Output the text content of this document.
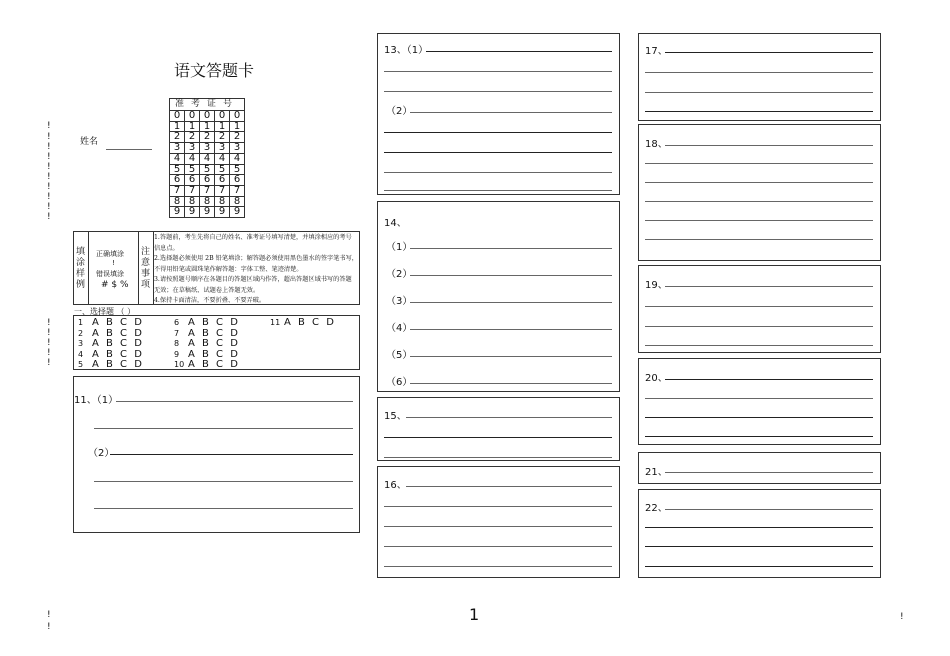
!
!
!
!
!
!
!
!
!
!
!
!
!
!
!
!
!
!
语文答题卡
姓名
准考证号				
0	0	0	0	0
1	1	1	1	1
2	2	2	2	2
3	3	3	3	3
4	4	4	4	4
5	5	5	5	5
6	6	6	6	6
7	7	7	7	7
8	8	8	8	8
9	9	9	9	9
填
涂
样
例
正确填涂
!
错误填涂
# $ %
注
意
事
项

1.答题前，考生先将自己的姓名、准考证号填写清楚，并填涂相应的考号

信息点。

2.选择题必须使用 2B 铅笔填涂；解答题必须使用黑色墨水的签字笔书写，

不得用铅笔或圆珠笔作解答题：字体工整、笔迹清楚。

3.请按照题号顺序在各题目的答题区域内作答，超出答题区域书写的答题

无效；在草稿纸、试题卷上答题无效。

4.保持卡面清洁，不要折叠、不要弄破。

一、选择题 （ ）
1 A B C D
2 A B C D
3 A B C D
4 A B C D
5 A B C D
6 A B C D
7 A B C D
8 A B C D
9 A B C D
10 A B C D
11 A B C D
11、（1）
（2）
13、（1）
（2）
14、
（1）
（2）
（3）
（4）
（5）
（6）
15、
16、
17、
18、
19、
20、
21、
22、
1
